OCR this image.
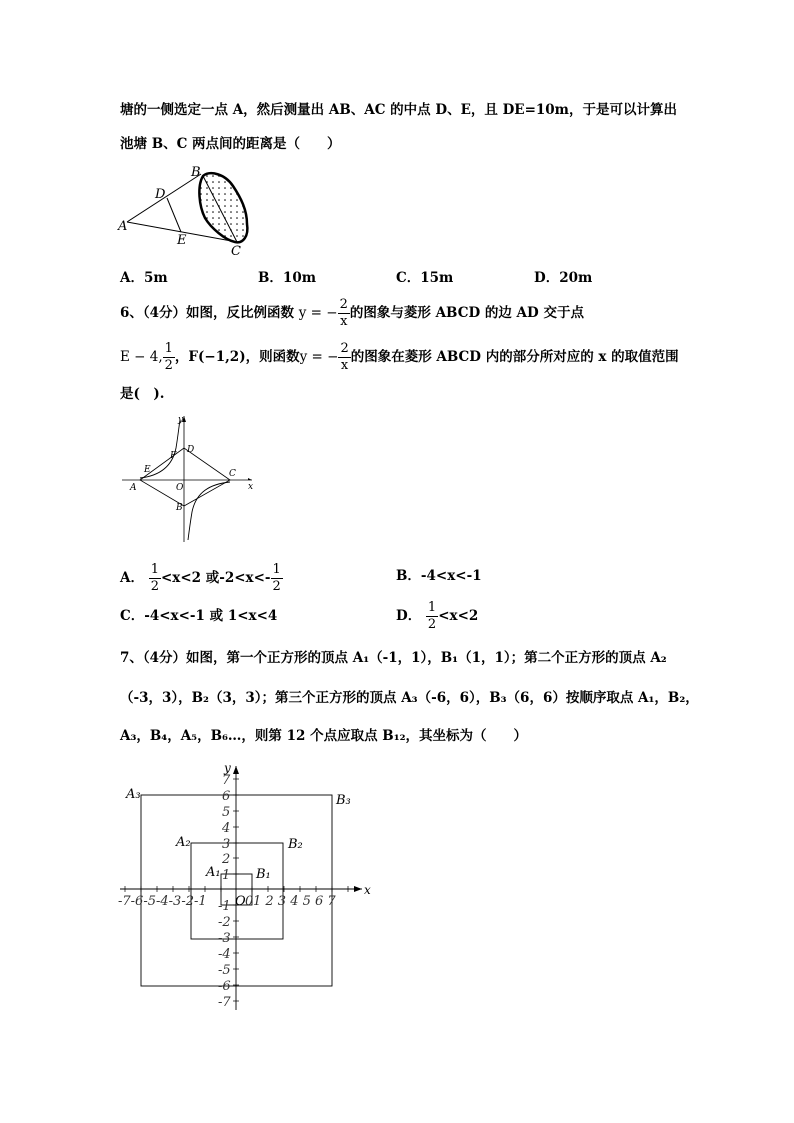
塘的一侧选定一点 A，然后测量出 AB、AC 的中点 D、E，且 DE=10m，于是可以计算出
池塘 B、C 两点间的距离是（　　）
A
B
C
D
E
A．5m	B．10m	C．15m	D．20m
6、（4分）如图，反比例函数 y = − $\frac{2}{x}$ 的图象与菱形 ABCD 的边 AD 交于点
E − 4, $\frac{1}{2}$ ，F(−1,2)，则函数y = − $\frac{2}{x}$ 的图象在菱形 ABCD 内的部分所对应的 x 的取值范围
是(　).
y
x
D
F
E	C
A	O
B
A． $\frac{1}{2} <x<2$ 或$-2<x<- \frac{1}{2}$	B．-4<x<-1
C．-4<x<-1 或 1<x<4	D． $\frac{1}{2} <x<2$
7、（4分）如图，第一个正方形的顶点 A₁（-1，1），B₁（1，1）；第二个正方形的顶点 A₂
（-3，3），B₂（3，3）；第三个正方形的顶点 A₃（-6，6），B₃（6，6）按顺序取点 A₁，B₂，
A₃，B₄，A₅，B₆…，则第 12 个点应取点 B₁₂，其坐标为（　　）
7
6
5
4
3
2
1
-1
-2
-3
-4
-5
-6
-7
-7-6-5-4-3-2-1	1 2 3 4 5 6 7
0
y
x
O
A₃	B₃
A₂	B₂
A₁	B₁
